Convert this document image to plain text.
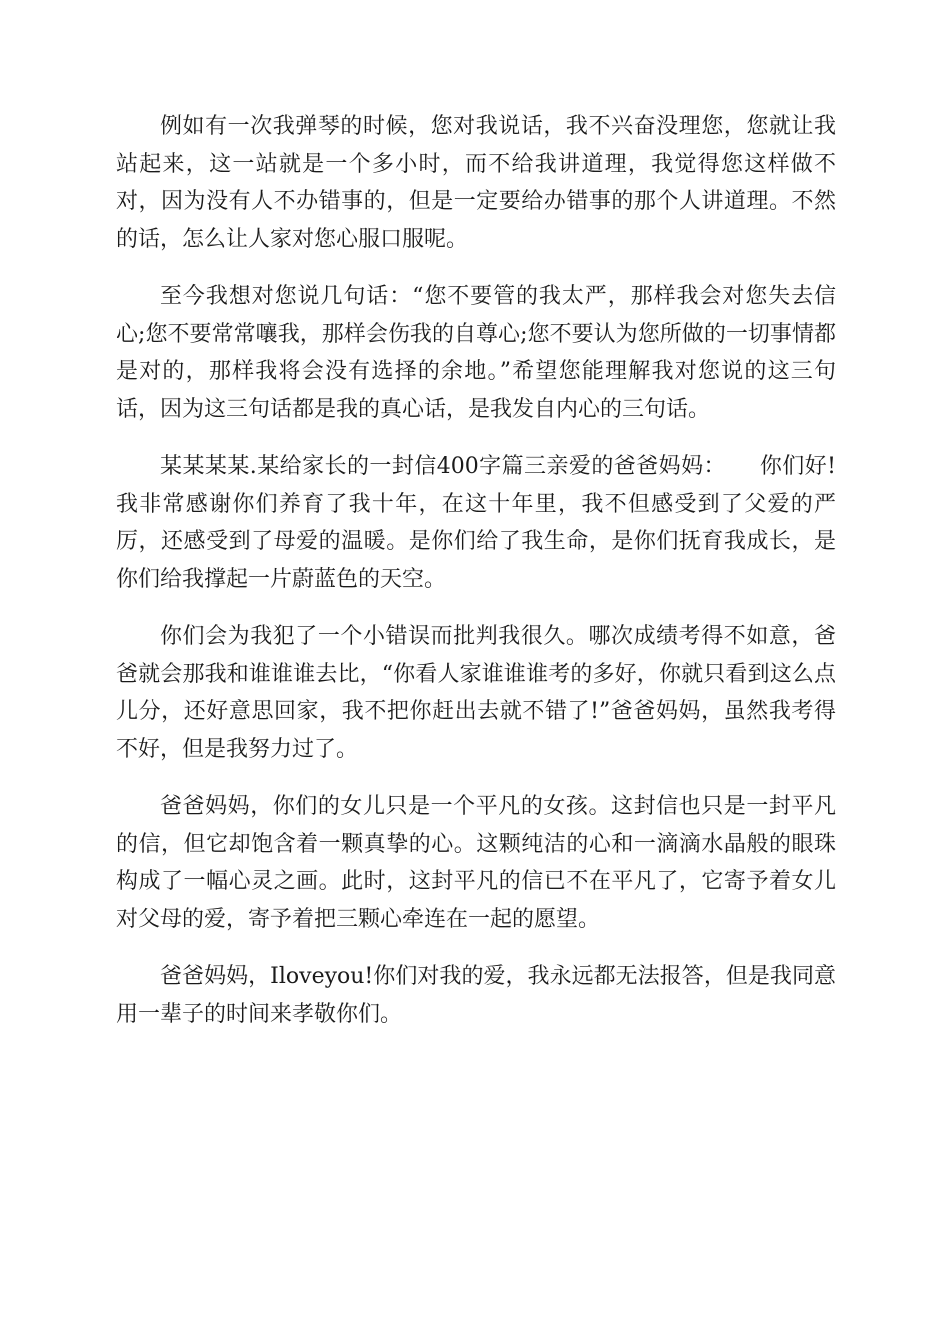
例如有一次我弹琴的时候，您对我说话，我不兴奋没理您，您就让我站起来，这一站就是一个多小时，而不给我讲道理，我觉得您这样做不对，因为没有人不办错事的，但是一定要给办错事的那个人讲道理。不然的话，怎么让人家对您心服口服呢。

至今我想对您说几句话：“您不要管的我太严，那样我会对您失去信心;您不要常常嚷我，那样会伤我的自尊心;您不要认为您所做的一切事情都是对的，那样我将会没有选择的余地。”希望您能理解我对您说的这三句话，因为这三句话都是我的真心话，是我发自内心的三句话。

某某某某.某给家长的一封信400字篇三亲爱的爸爸妈妈：　　你们好!我非常感谢你们养育了我十年，在这十年里，我不但感受到了父爱的严厉，还感受到了母爱的温暖。是你们给了我生命，是你们抚育我成长，是你们给我撑起一片蔚蓝色的天空。

你们会为我犯了一个小错误而批判我很久。哪次成绩考得不如意，爸爸就会那我和谁谁谁去比，“你看人家谁谁谁考的多好，你就只看到这么点儿分，还好意思回家，我不把你赶出去就不错了!”爸爸妈妈，虽然我考得不好，但是我努力过了。

爸爸妈妈，你们的女儿只是一个平凡的女孩。这封信也只是一封平凡的信，但它却饱含着一颗真挚的心。这颗纯洁的心和一滴滴水晶般的眼珠构成了一幅心灵之画。此时，这封平凡的信已不在平凡了，它寄予着女儿对父母的爱，寄予着把三颗心牵连在一起的愿望。

爸爸妈妈，Iloveyou!你们对我的爱，我永远都无法报答，但是我同意用一辈子的时间来孝敬你们。
